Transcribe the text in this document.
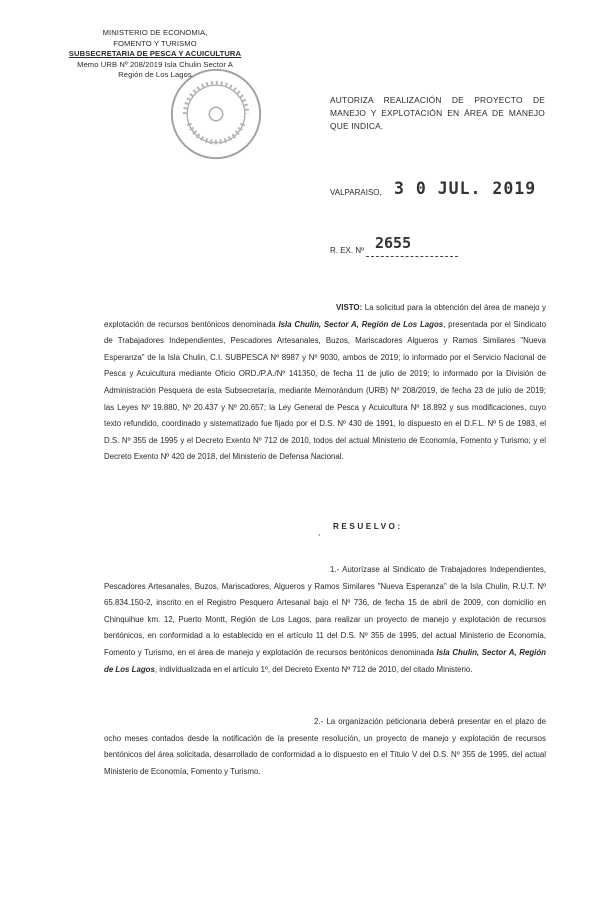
MINISTERIO DE ECONOMIA,
FOMENTO Y TURISMO
SUBSECRETARIA DE PESCA Y ACUICULTURA
Memo URB Nº 208/2019 Isla Chulin Sector A
Región de Los Lagos
AUTORIZA REALIZACIÓN DE PROYECTO DE MANEJO Y EXPLOTACIÓN EN ÁREA DE MANEJO QUE INDICA.
VALPARAISO, 3 0 JUL. 2019
R. EX. Nº 2655
VISTO: La solicitud para la obtención del área de manejo y explotación de recursos bentónicos denominada Isla Chulin, Sector A, Región de Los Lagos, presentada por el Sindicato de Trabajadores Independientes, Pescadores Artesanales, Buzos, Mariscadores Algueros y Ramos Similares "Nueva Esperanza" de la Isla Chulin, C.I. SUBPESCA Nº 8987 y Nº 9030, ambos de 2019; lo informado por el Servicio Nacional de Pesca y Acuicultura mediante Oficio ORD./P.A./Nº 141350, de fecha 11 de julio de 2019; lo informado por la División de Administración Pesquera de esta Subsecretaría, mediante Memorándum (URB) Nº 208/2019, de fecha 23 de julio de 2019; las Leyes Nº 19.880, Nº 20.437 y Nº 20.657; la Ley General de Pesca y Acuicultura Nº 18.892 y sus modificaciones, cuyo texto refundido, coordinado y sistematizado fue fijado por el D.S. Nº 430 de 1991, lo dispuesto en el D.F.L. Nº 5 de 1983, el D.S. Nº 355 de 1995 y el Decreto Exento Nº 712 de 2010, todos del actual Ministerio de Economía, Fomento y Turismo; y el Decreto Exento Nº 420 de 2018, del Ministerio de Defensa Nacional.
,
RESUELVO:
1.- Autorízase al Sindicato de Trabajadores Independientes, Pescadores Artesanales, Buzos, Mariscadores, Algueros y Ramos Similares "Nueva Esperanza" de la Isla Chulin, R.U.T. Nº 65.834.150-2, inscrito en el Registro Pesquero Artesanal bajo el Nº 736, de fecha 15 de abril de 2009, con domicilio en Chinquihue km. 12, Puerto Montt, Región de Los Lagos, para realizar un proyecto de manejo y explotación de recursos bentónicos, en conformidad a lo establecido en el artículo 11 del D.S. Nº 355 de 1995, del actual Ministerio de Economía, Fomento y Turismo, en el área de manejo y explotación de recursos bentónicos denominada Isla Chulin, Sector A, Región de Los Lagos, individualizada en el artículo 1º, del Decreto Exento Nº 712 de 2010, del citado Ministerio.
2.- La organización peticionaria deberá presentar en el plazo de ocho meses contados desde la notificación de la presente resolución, un proyecto de manejo y explotación de recursos bentónicos del área solicitada, desarrollado de conformidad a lo dispuesto en el Título V del D.S. Nº 355 de 1995, del actual Ministerio de Economía, Fomento y Turismo.
